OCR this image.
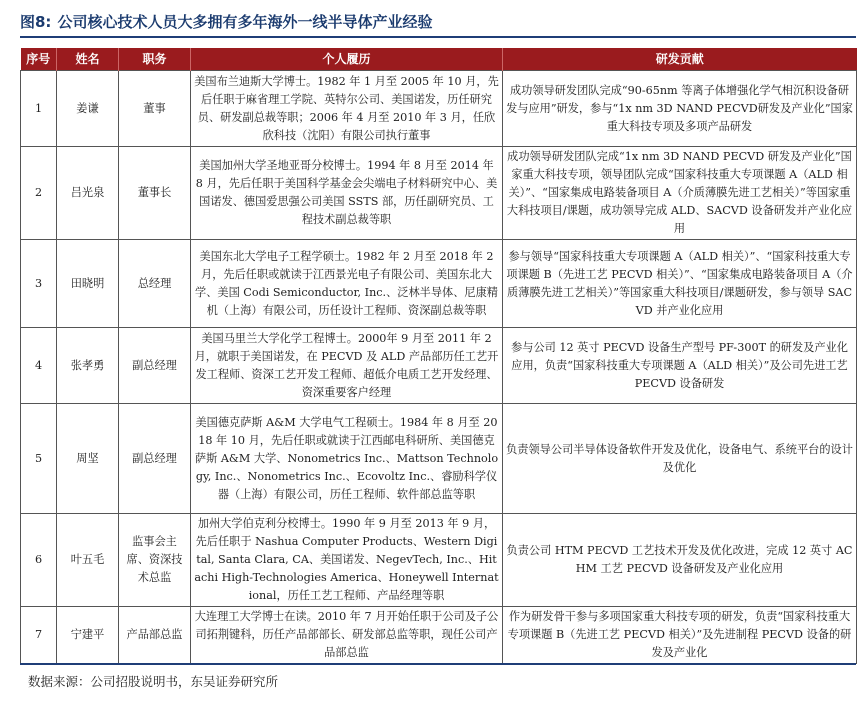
图8: 公司核心技术人员大多拥有多年海外一线半导体产业经验
序号	姓名	职务	个人履历	研发贡献
1	姜谦	董事	美国布兰迪斯大学博士。1982 年 1 月至 2005 年 10 月，先后任职于麻省理工学院、英特尔公司、美国诺发，历任研究员、研发副总裁等职；2006 年 4 月至 2010 年 3 月，任欣欣科技（沈阳）有限公司执行董事	成功领导研发团队完成“90-65nm 等离子体增强化学气相沉积设备研发与应用”研发，参与“1x nm 3D NAND PECVD研发及产业化”国家重大科技专项及多项产品研发
2	吕光泉	董事长	美国加州大学圣地亚哥分校博士。1994 年 8 月至 2014 年 8 月，先后任职于美国科学基金会尖端电子材料研究中心、美国诺发、德国爱思强公司美国 SSTS 部，历任副研究员、工程技术副总裁等职	成功领导研发团队完成“1x nm 3D NAND PECVD 研发及产业化”国家重大科技专项，领导团队完成“国家科技重大专项课题 A（ALD 相关）”、“国家集成电路装备项目 A（介质薄膜先进工艺相关）”等国家重大科技项目/课题，成功领导完成 ALD、SACVD 设备研发并产业化应用
3	田晓明	总经理	美国东北大学电子工程学硕士。1982 年 2 月至 2018 年 2 月，先后任职或就读于江西景光电子有限公司、美国东北大学、美国 Codi Semiconductor, Inc.、泛林半导体、尼康精机（上海）有限公司，历任设计工程师、资深副总裁等职	参与领导“国家科技重大专项课题 A（ALD 相关）”、“国家科技重大专项课题 B（先进工艺 PECVD 相关）”、“国家集成电路装备项目 A（介质薄膜先进工艺相关）”等国家重大科技项目/课题研发，参与领导 SACVD 并产业化应用
4	张孝勇	副总经理	美国马里兰大学化学工程博士。2000年 9 月至 2011 年 2 月，就职于美国诺发，在 PECVD 及 ALD 产品部历任工艺开发工程师、资深工艺开发工程师、超低介电质工艺开发经理、资深重要客户经理	参与公司 12 英寸 PECVD 设备生产型号 PF-300T 的研发及产业化应用，负责“国家科技重大专项课题 A（ALD 相关）”及公司先进工艺 PECVD 设备研发
5	周坚	副总经理	美国德克萨斯 A&M 大学电气工程硕士。1984 年 8 月至 2018 年 10 月，先后任职或就读于江西邮电科研所、美国德克萨斯 A&M 大学、Nonometrics Inc.、Mattson Technology, Inc.、Nonometrics Inc.、Ecovoltz Inc.、睿励科学仪器（上海）有限公司，历任工程师、软件部总监等职	负责领导公司半导体设备软件开发及优化，设备电气、系统平台的设计及优化
6	叶五毛	监事会主席、资深技术总监	加州大学伯克利分校博士。1990 年 9 月至 2013 年 9 月，先后任职于 Nashua Computer Products、Western Digital, Santa Clara, CA、美国诺发、NegevTech, Inc.、Hitachi High-Technologies America、Honeywell International，历任工艺工程师、产品经理等职	负责公司 HTM PECVD 工艺技术开发及优化改进，完成 12 英寸 ACHM 工艺 PECVD 设备研发及产业化应用
7	宁建平	产品部总监	大连理工大学博士在读。2010 年 7 月开始任职于公司及子公司拓荆键科，历任产品部部长、研发部总监等职，现任公司产品部总监	作为研发骨干参与多项国家重大科技专项的研发，负责“国家科技重大专项课题 B（先进工艺 PECVD 相关）”及先进制程 PECVD 设备的研发及产业化
数据来源：公司招股说明书，东吴证券研究所
